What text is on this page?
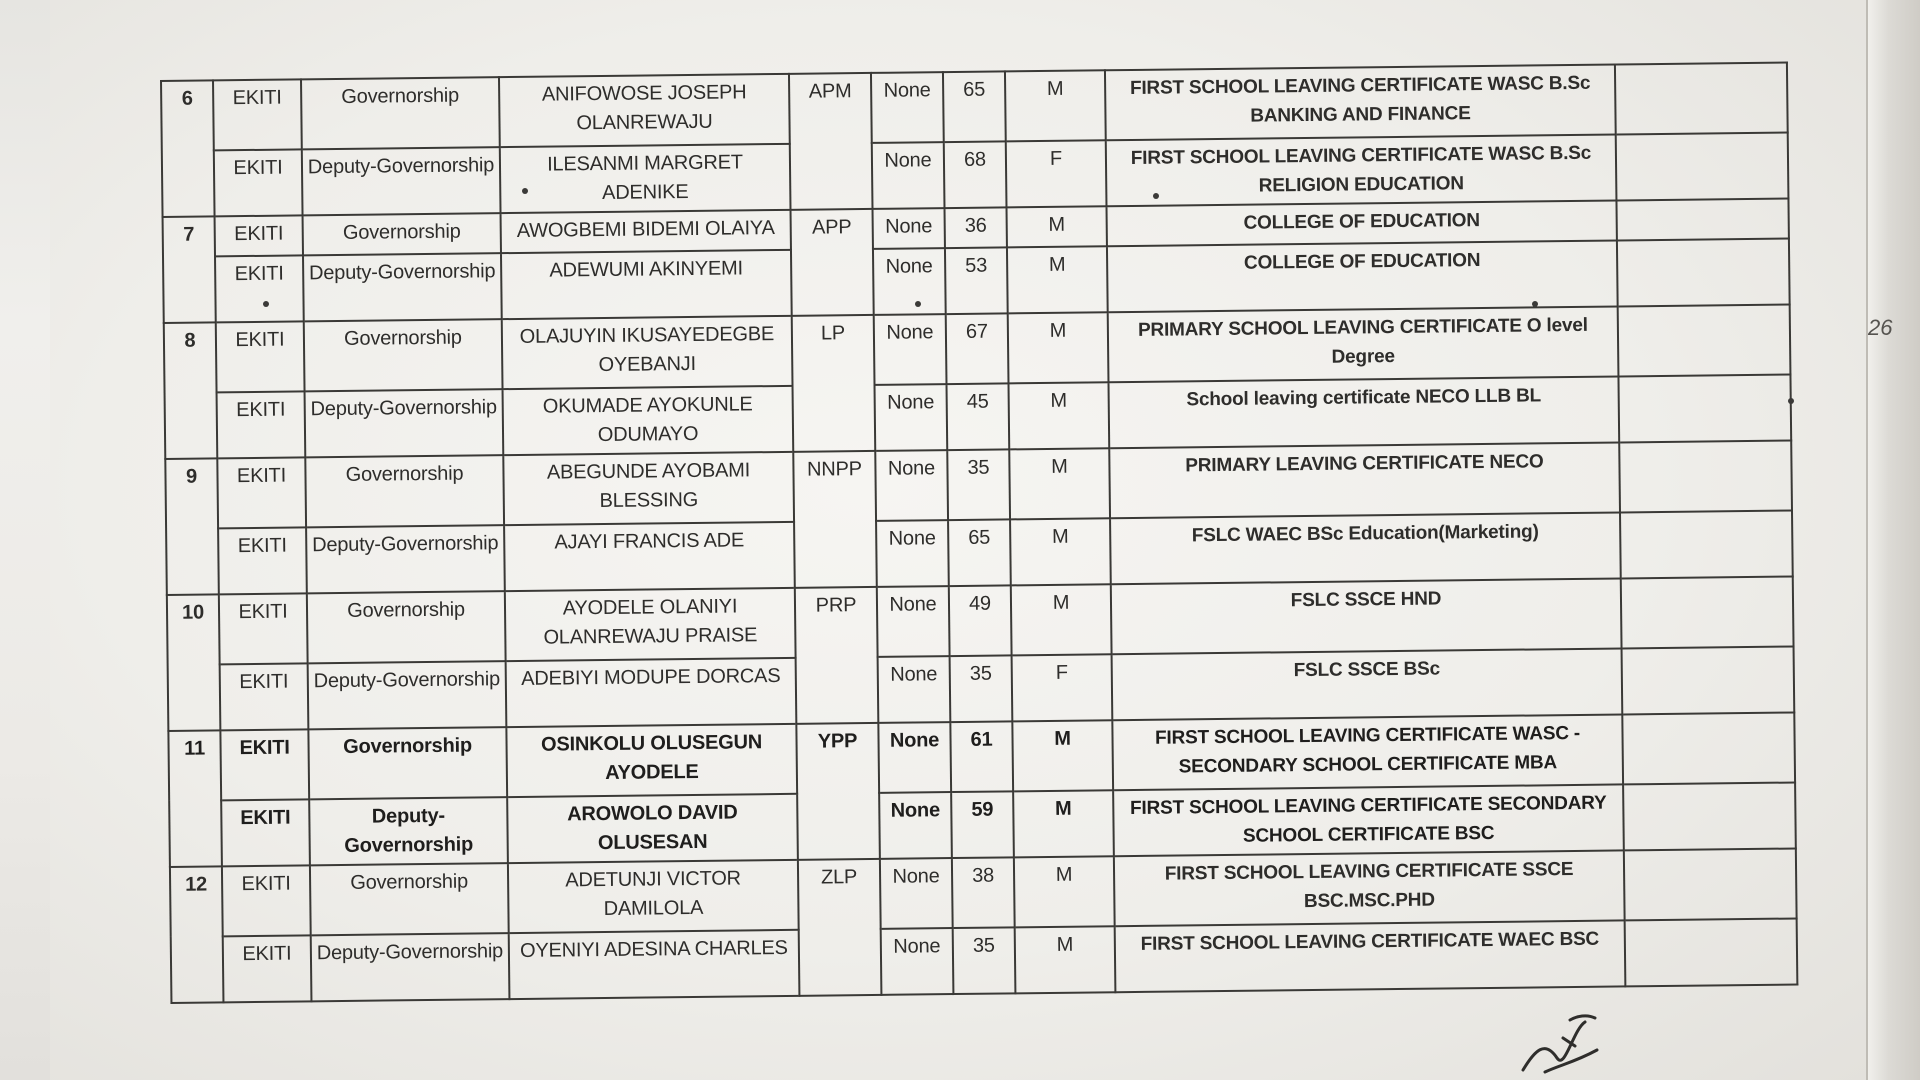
26
6	EKITI	Governorship	ANIFOWOSE JOSEPH OLANREWAJU	APM	None	65	M	FIRST SCHOOL LEAVING CERTIFICATE WASC B.Sc BANKING AND FINANCE	
	EKITI	Deputy-Governorship	ILESANMI MARGRET ADENIKE		None	68	F	FIRST SCHOOL LEAVING CERTIFICATE WASC B.Sc RELIGION EDUCATION	
7	EKITI	Governorship	AWOGBEMI BIDEMI OLAIYA	APP	None	36	M	COLLEGE OF EDUCATION	
	EKITI	Deputy-Governorship	ADEWUMI AKINYEMI		None	53	M	COLLEGE OF EDUCATION	
8	EKITI	Governorship	OLAJUYIN IKUSAYEDEGBE OYEBANJI	LP	None	67	M	PRIMARY SCHOOL LEAVING CERTIFICATE O level Degree	
	EKITI	Deputy-Governorship	OKUMADE AYOKUNLE ODUMAYO		None	45	M	School leaving certificate NECO LLB BL	
9	EKITI	Governorship	ABEGUNDE AYOBAMI BLESSING	NNPP	None	35	M	PRIMARY LEAVING CERTIFICATE NECO	
	EKITI	Deputy-Governorship	AJAYI FRANCIS ADE		None	65	M	FSLC WAEC BSc Education(Marketing)	
10	EKITI	Governorship	AYODELE OLANIYI OLANREWAJU PRAISE	PRP	None	49	M	FSLC SSCE HND	
	EKITI	Deputy-Governorship	ADEBIYI MODUPE DORCAS		None	35	F	FSLC SSCE BSc	
11	EKITI	Governorship	OSINKOLU OLUSEGUN AYODELE	YPP	None	61	M	FIRST SCHOOL LEAVING CERTIFICATE WASC - SECONDARY SCHOOL CERTIFICATE MBA	
	EKITI	Deputy-Governorship	AROWOLO DAVID OLUSESAN		None	59	M	FIRST SCHOOL LEAVING CERTIFICATE SECONDARY SCHOOL CERTIFICATE BSC	
12	EKITI	Governorship	ADETUNJI VICTOR DAMILOLA	ZLP	None	38	M	FIRST SCHOOL LEAVING CERTIFICATE SSCE BSC.MSC.PHD	
	EKITI	Deputy-Governorship	OYENIYI ADESINA CHARLES		None	35	M	FIRST SCHOOL LEAVING CERTIFICATE WAEC BSC	
